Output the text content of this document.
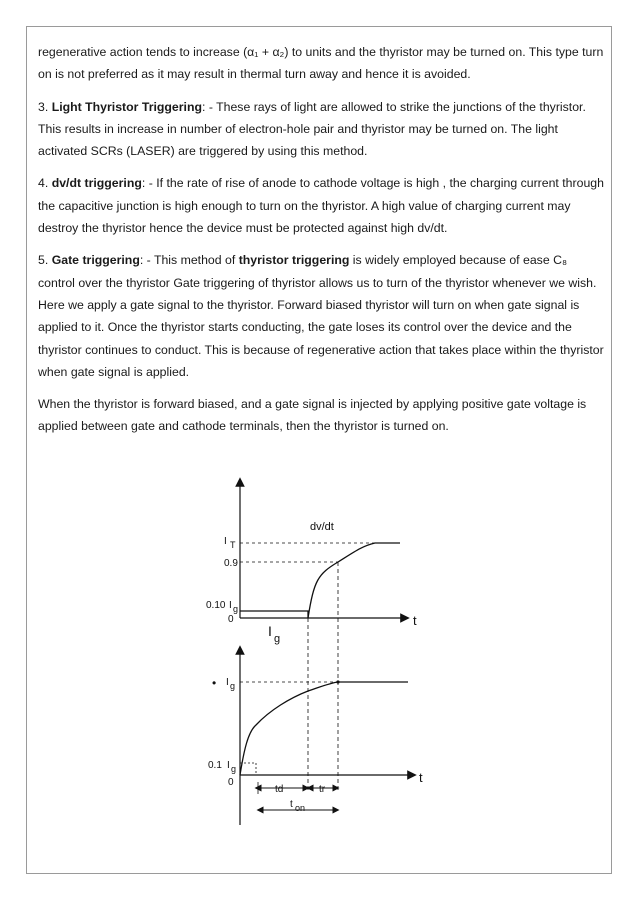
regenerative action tends to increase (α₁ + α₂) to units and the thyristor may be turned on. This type turn on is not preferred as it may result in thermal turn away and hence it is avoided.

3. Light Thyristor Triggering: - These rays of light are allowed to strike the junctions of the thyristor. This results in increase in number of electron-hole pair and thyristor may be turned on. The light activated SCRs (LASER) are triggered by using this method.

4. dv/dt triggering: - If the rate of rise of anode to cathode voltage is high , the charging current through the capacitive junction is high enough to turn on the thyristor. A high value of charging current may destroy the thyristor hence the device must be protected against high dv/dt.

5. Gate triggering: - This method of thyristor triggering is widely employed because of ease C₈ control over the thyristor Gate triggering of thyristor allows us to turn of the thyristor whenever we wish. Here we apply a gate signal to the thyristor. Forward biased thyristor will turn on when gate signal is applied to it. Once the thyristor starts conducting, the gate loses its control over the device and the thyristor continues to conduct. This is because of regenerative action that takes place within the thyristor when gate signal is applied.

When the thyristor is forward biased, and a gate signal is injected by applying positive gate voltage is applied between gate and cathode terminals, then the thyristor is turned on.

dv/dt
I T
0.9
0.10 I g
0	t
I g
• I g
0.1 I g
0	t
td	tr
t on
